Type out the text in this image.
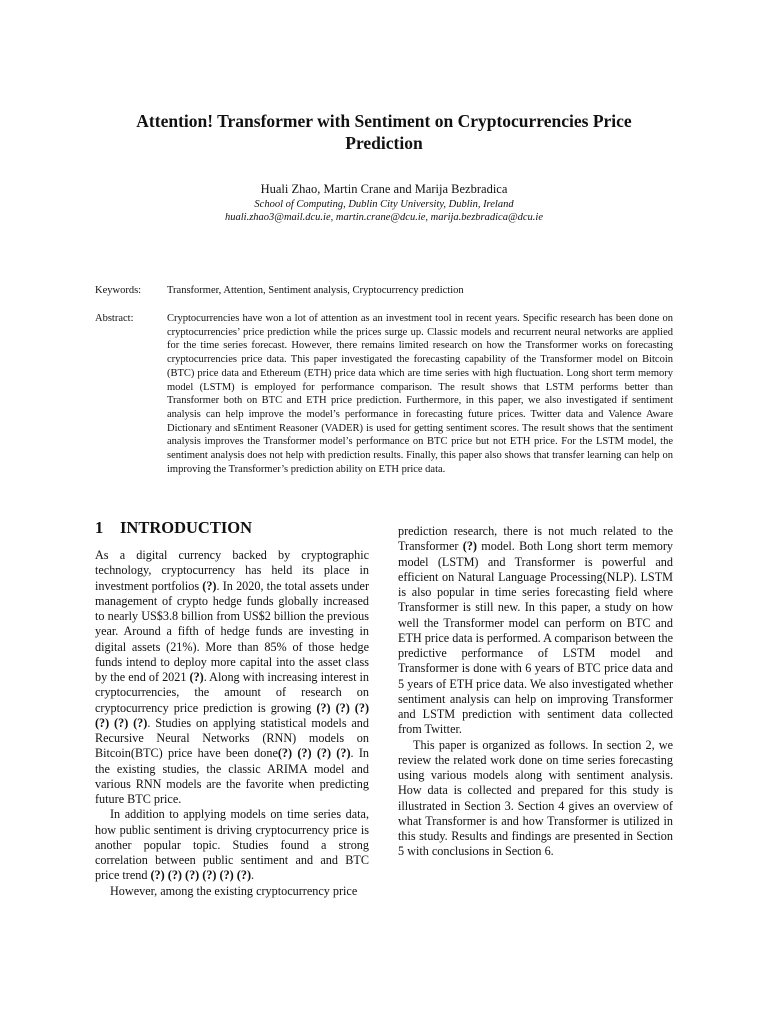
Attention! Transformer with Sentiment on Cryptocurrencies Price Prediction
Huali Zhao, Martin Crane and Marija Bezbradica
School of Computing, Dublin City University, Dublin, Ireland
huali.zhao3@mail.dcu.ie, martin.crane@dcu.ie, marija.bezbradica@dcu.ie
Keywords: Transformer, Attention, Sentiment analysis, Cryptocurrency prediction
Abstract:	Cryptocurrencies have won a lot of attention as an investment tool in recent years. Specific research has been done on cryptocurrencies’ price prediction while the prices surge up. Classic models and recurrent neural networks are applied for the time series forecast. However, there remains limited research on how the Transformer works on forecasting cryptocurrencies price data. This paper investigated the forecasting capability of the Transformer model on Bitcoin (BTC) price data and Ethereum (ETH) price data which are time series with high fluctuation. Long short term memory model (LSTM) is employed for performance comparison. The result shows that LSTM performs better than Transformer both on BTC and ETH price prediction. Furthermore, in this paper, we also investigated if sentiment analysis can help improve the model’s performance in forecasting future prices. Twitter data and Valence Aware Dictionary and sEntiment Reasoner (VADER) is used for getting sentiment scores. The result shows that the sentiment analysis improves the Transformer model’s performance on BTC price but not ETH price. For the LSTM model, the sentiment analysis does not help with prediction results. Finally, this paper also shows that transfer learning can help on improving the Transformer’s prediction ability on ETH price data.
1 INTRODUCTION

As a digital currency backed by cryptographic technology, cryptocurrency has held its place in investment portfolios (?). In 2020, the total assets under management of crypto hedge funds globally increased to nearly US$3.8 billion from US$2 billion the previous year. Around a fifth of hedge funds are investing in digital assets (21%). More than 85% of those hedge funds intend to deploy more capital into the asset class by the end of 2021 (?). Along with increasing interest in cryptocurrencies, the amount of research on cryptocurrency price prediction is growing (?) (?) (?) (?) (?) (?). Studies on applying statistical models and Recursive Neural Networks (RNN) models on Bitcoin(BTC) price have been done(?) (?) (?) (?). In the existing studies, the classic ARIMA model and various RNN models are the favorite when predicting future BTC price.

In addition to applying models on time series data, how public sentiment is driving cryptocurrency price is another popular topic. Studies found a strong correlation between public sentiment and and BTC price trend (?) (?) (?) (?) (?) (?).

However, among the existing cryptocurrency price

prediction research, there is not much related to the Transformer (?) model. Both Long short term memory model (LSTM) and Transformer is powerful and efficient on Natural Language Processing(NLP). LSTM is also popular in time series forecasting field where Transformer is still new. In this paper, a study on how well the Transformer model can perform on BTC and ETH price data is performed. A comparison between the predictive performance of LSTM model and Transformer is done with 6 years of BTC price data and 5 years of ETH price data. We also investigated whether sentiment analysis can help on improving Transformer and LSTM prediction with sentiment data collected from Twitter.

This paper is organized as follows. In section 2, we review the related work done on time series forecasting using various models along with sentiment analysis. How data is collected and prepared for this study is illustrated in Section 3. Section 4 gives an overview of what Transformer is and how Transformer is utilized in this study. Results and findings are presented in Section 5 with conclusions in Section 6.
